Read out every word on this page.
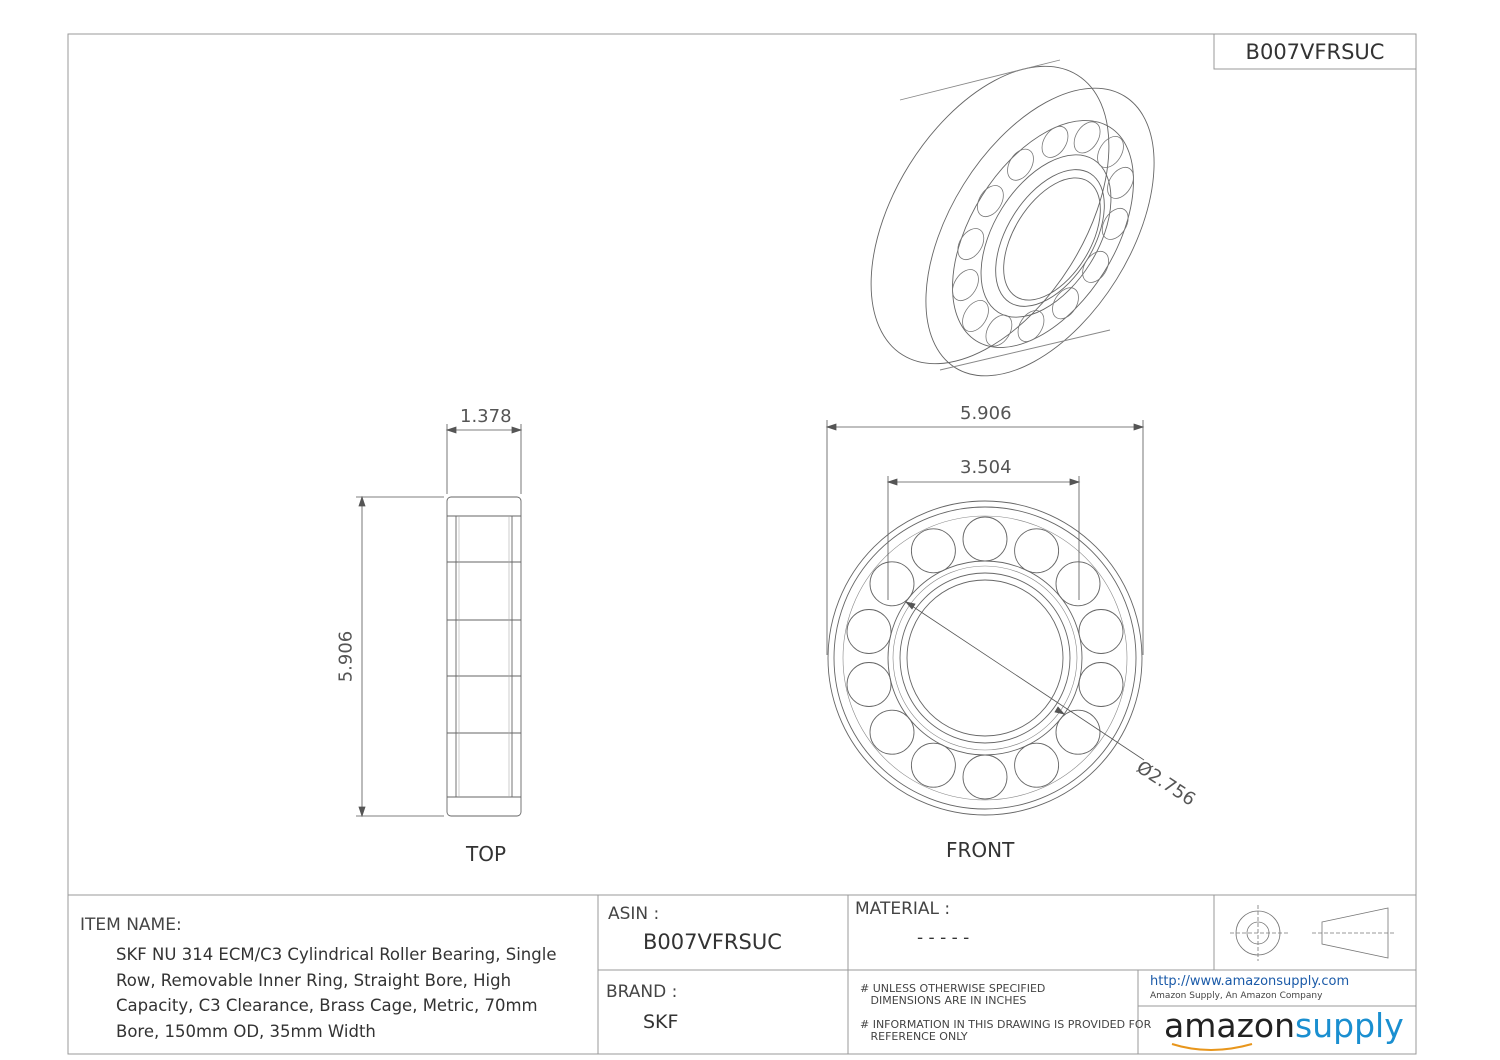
B007VFRSUC
1.378
5.906
5.906
3.504
Ø2.756
TOP	FRONT
ITEM NAME:
SKF NU 314 ECM/C3 Cylindrical Roller Bearing, Single Row, Removable Inner Ring, Straight Bore, High Capacity, C3 Clearance, Brass Cage, Metric, 70mm Bore, 150mm OD, 35mm Width
ASIN :
B007VFRSUC
BRAND :
SKF
MATERIAL :
- - - - -
# UNLESS OTHERWISE SPECIFIED
DIMENSIONS ARE IN INCHES
# INFORMATION IN THIS DRAWING IS PROVIDED FOR
REFERENCE ONLY
http://www.amazonsupply.com
Amazon Supply, An Amazon Company
amazonsupply
